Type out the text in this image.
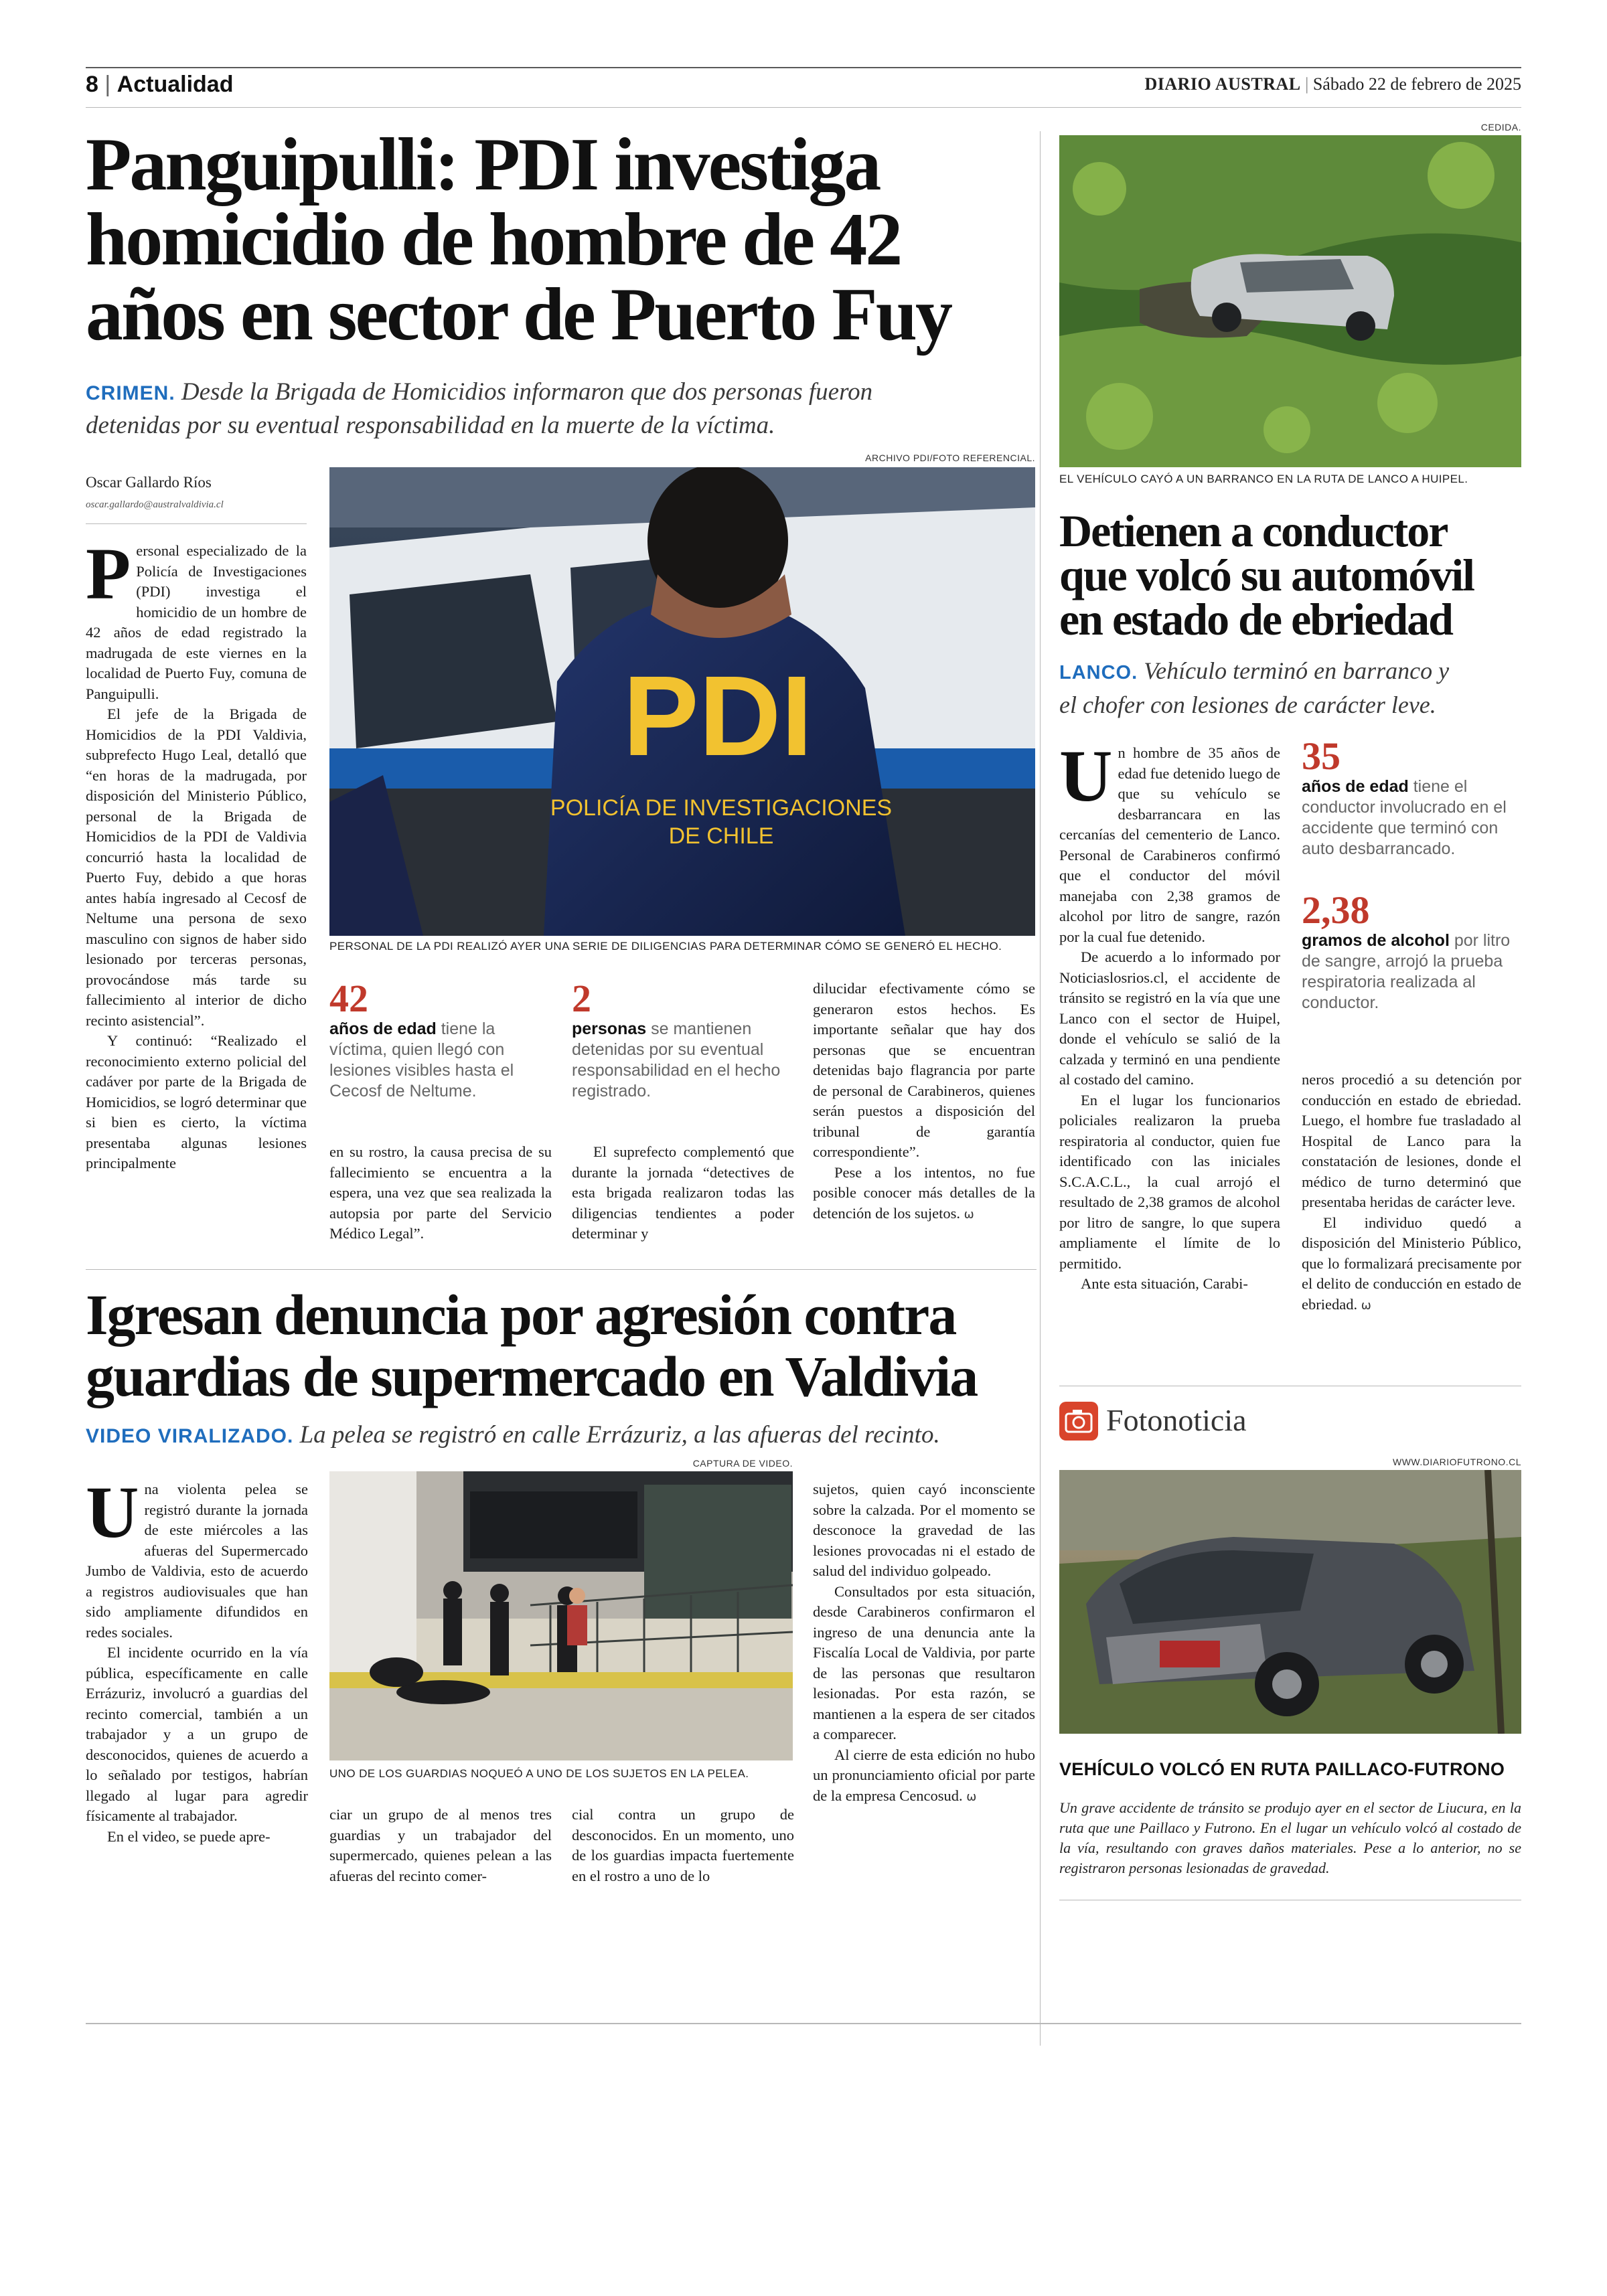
8 | Actualidad	DIARIO AUSTRAL | Sábado 22 de febrero de 2025
Panguipulli: PDI investiga
homicidio de hombre de 42
años en sector de Puerto Fuy
CRIMEN. Desde la Brigada de Homicidios informaron que dos personas fueron
detenidas por su eventual responsabilidad en la muerte de la víctima.
Oscar Gallardo Ríos
oscar.gallardo@australvaldivia.cl
ARCHIVO PDI/FOTO REFERENCIAL.
PDI
POLICÍA DE INVESTIGACIONES
DE CHILE
PERSONAL DE LA PDI REALIZÓ AYER UNA SERIE DE DILIGENCIAS PARA DETERMINAR CÓMO SE GENERÓ EL HECHO.
P ersonal especializado de la Policía de Investigaciones (PDI) investiga el homicidio de un hombre de 42 años de edad registrado la madrugada de este viernes en la localidad de Puerto Fuy, comuna de Panguipulli.

El jefe de la Brigada de Homicidios de la PDI Valdivia, subprefecto Hugo Leal, detalló que “en horas de la madrugada, por disposición del Ministerio Público, personal de la Brigada de Homicidios de la PDI de Valdivia concurrió hasta la localidad de Puerto Fuy, debido a que horas antes había ingresado al Cecosf de Neltume una persona de sexo masculino con signos de haber sido lesionado por terceras personas, provocándose más tarde su fallecimiento al interior de dicho recinto asistencial”.

Y continuó: “Realizado el reconocimiento externo policial del cadáver por parte de la Brigada de Homicidios, se logró determinar que si bien es cierto, la víctima presentaba algunas lesiones principalmente

42
años de edad tiene la víctima, quien llegó con lesiones visibles hasta el Cecosf de Neltume.

en su rostro, la causa precisa de su fallecimiento se encuentra a la espera, una vez que sea realizada la autopsia por parte del Servicio Médico Legal”.

2
personas se mantienen detenidas por su eventual responsabilidad en el hecho registrado.

El suprefecto complementó que durante la jornada “detectives de esta brigada realizaron todas las diligencias tendientes a poder determinar y

dilucidar efectivamente cómo se generaron estos hechos. Es importante señalar que hay dos personas que se encuentran detenidas bajo flagrancia por parte de personal de Carabineros, quienes serán puestos a disposición del tribunal de garantía correspondiente”.

Pese a los intentos, no fue posible conocer más detalles de la detención de los sujetos. ω

Igresan denuncia por agresión contra
guardias de supermercado en Valdivia
VIDEO VIRALIZADO. La pelea se registró en calle Errázuriz, a las afueras del recinto.
CAPTURA DE VIDEO.
UNO DE LOS GUARDIAS NOQUEÓ A UNO DE LOS SUJETOS EN LA PELEA.
U na violenta pelea se registró durante la jornada de este miércoles a las afueras del Supermercado Jumbo de Valdivia, esto de acuerdo a registros audiovisuales que han sido ampliamente difundidos en redes sociales.

El incidente ocurrido en la vía pública, específicamente en calle Errázuriz, involucró a guardias del recinto comercial, también a un trabajador y a un grupo de desconocidos, quienes de acuerdo a lo señalado por testigos, habrían llegado al lugar para agredir físicamente al trabajador.

En el video, se puede apre-

ciar un grupo de al menos tres guardias y un trabajador del supermercado, quienes pelean a las afueras del recinto comer-

cial contra un grupo de desconocidos. En un momento, uno de los guardias impacta fuertemente en el rostro a uno de lo

sujetos, quien cayó inconsciente sobre la calzada. Por el momento se desconoce la gravedad de las lesiones provocadas ni el estado de salud del individuo golpeado.

Consultados por esta situación, desde Carabineros confirmaron el ingreso de una denuncia ante la Fiscalía Local de Valdivia, por parte de las personas que resultaron lesionadas. Por esta razón, se mantienen a la espera de ser citados a comparecer.

Al cierre de esta edición no hubo un pronunciamiento oficial por parte de la empresa Cencosud. ω

CEDIDA.
EL VEHÍCULO CAYÓ A UN BARRANCO EN LA RUTA DE LANCO A HUIPEL.
Detienen a conductor
que volcó su automóvil
en estado de ebriedad
LANCO. Vehículo terminó en barranco y
el chofer con lesiones de carácter leve.
U n hombre de 35 años de edad fue detenido luego de que su vehículo se desbarrancara en las cercanías del cementerio de Lanco. Personal de Carabineros confirmó que el conductor del móvil manejaba con 2,38 gramos de alcohol por litro de sangre, razón por la cual fue detenido.

De acuerdo a lo informado por Noticiaslosrios.cl, el accidente de tránsito se registró en la vía que une Lanco con el sector de Huipel, donde el vehículo se salió de la calzada y terminó en una pendiente al costado del camino.

En el lugar los funcionarios policiales realizaron la prueba respiratoria al conductor, quien fue identificado con las iniciales S.C.A.C.L., la cual arrojó el resultado de 2,38 gramos de alcohol por litro de sangre, lo que supera ampliamente el límite de lo permitido.

Ante esta situación, Carabi-

35
años de edad tiene el conductor involucrado en el accidente que terminó con auto desbarrancado.
2,38
gramos de alcohol por litro de sangre, arrojó la prueba respiratoria realizada al conductor.

neros procedió a su detención por conducción en estado de ebriedad. Luego, el hombre fue trasladado al Hospital de Lanco para la constatación de lesiones, donde el médico de turno determinó que presentaba heridas de carácter leve.

El individuo quedó a disposición del Ministerio Público, que lo formalizará precisamente por el delito de conducción en estado de ebriedad. ω

Fotonoticia
WWW.DIARIOFUTRONO.CL
VEHÍCULO VOLCÓ EN RUTA PAILLACO-FUTRONO
Un grave accidente de tránsito se produjo ayer en el sector de Liucura, en la ruta que une Paillaco y Futrono. En el lugar un vehículo volcó al costado de la vía, resultando con graves daños materiales. Pese a lo anterior, no se registraron personas lesionadas de gravedad.
